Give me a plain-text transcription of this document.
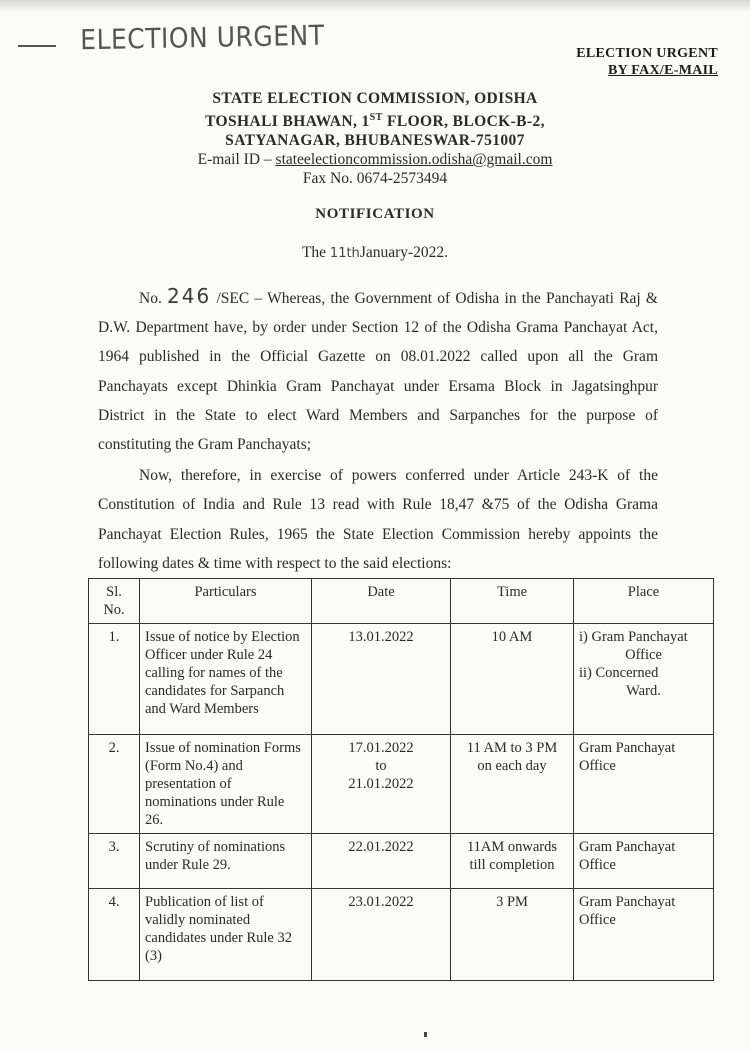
ELECTION URGENT	ELECTION URGENT
BY FAX/E-MAIL
STATE ELECTION COMMISSION, ODISHA
TOSHALI BHAWAN, 1ST FLOOR, BLOCK-B-2,
SATYANAGAR, BHUBANESWAR-751007
E-mail ID – stateelectioncommission.odisha@gmail.com
Fax No. 0674-2573494
NOTIFICATION
The 11thJanuary-2022.

No. 246 /SEC – Whereas, the Government of Odisha in the Panchayati Raj & D.W. Department have, by order under Section 12 of the Odisha Grama Panchayat Act, 1964 published in the Official Gazette on 08.01.2022 called upon all the Gram Panchayats except Dhinkia Gram Panchayat under Ersama Block in Jagatsinghpur District in the State to elect Ward Members and Sarpanches for the purpose of constituting the Gram Panchayats;

Now, therefore, in exercise of powers conferred under Article 243-K of the Constitution of India and Rule 13 read with Rule 18,47 &75 of the Odisha Grama Panchayat Election Rules, 1965 the State Election Commission hereby appoints the following dates & time with respect to the said elections:

Sl. No.	Particulars	Date	Time	Place
1.	Issue of notice by Election Officer under Rule 24 calling for names of the candidates for Sarpanch and Ward Members	13.01.2022	10 AM	i) Gram Panchayat
Office
ii) Concerned
Ward.

2.	Issue of nomination Forms (Form No.4) and presentation of nominations under Rule 26.	17.01.2022
to
21.01.2022	11 AM to 3 PM
on each day	Gram Panchayat Office
3.	Scrutiny of nominations under Rule 29.	22.01.2022	11AM onwards
till completion	Gram Panchayat Office
4.	Publication of list of validly nominated candidates under Rule 32 (3)	23.01.2022	3 PM	Gram Panchayat Office
